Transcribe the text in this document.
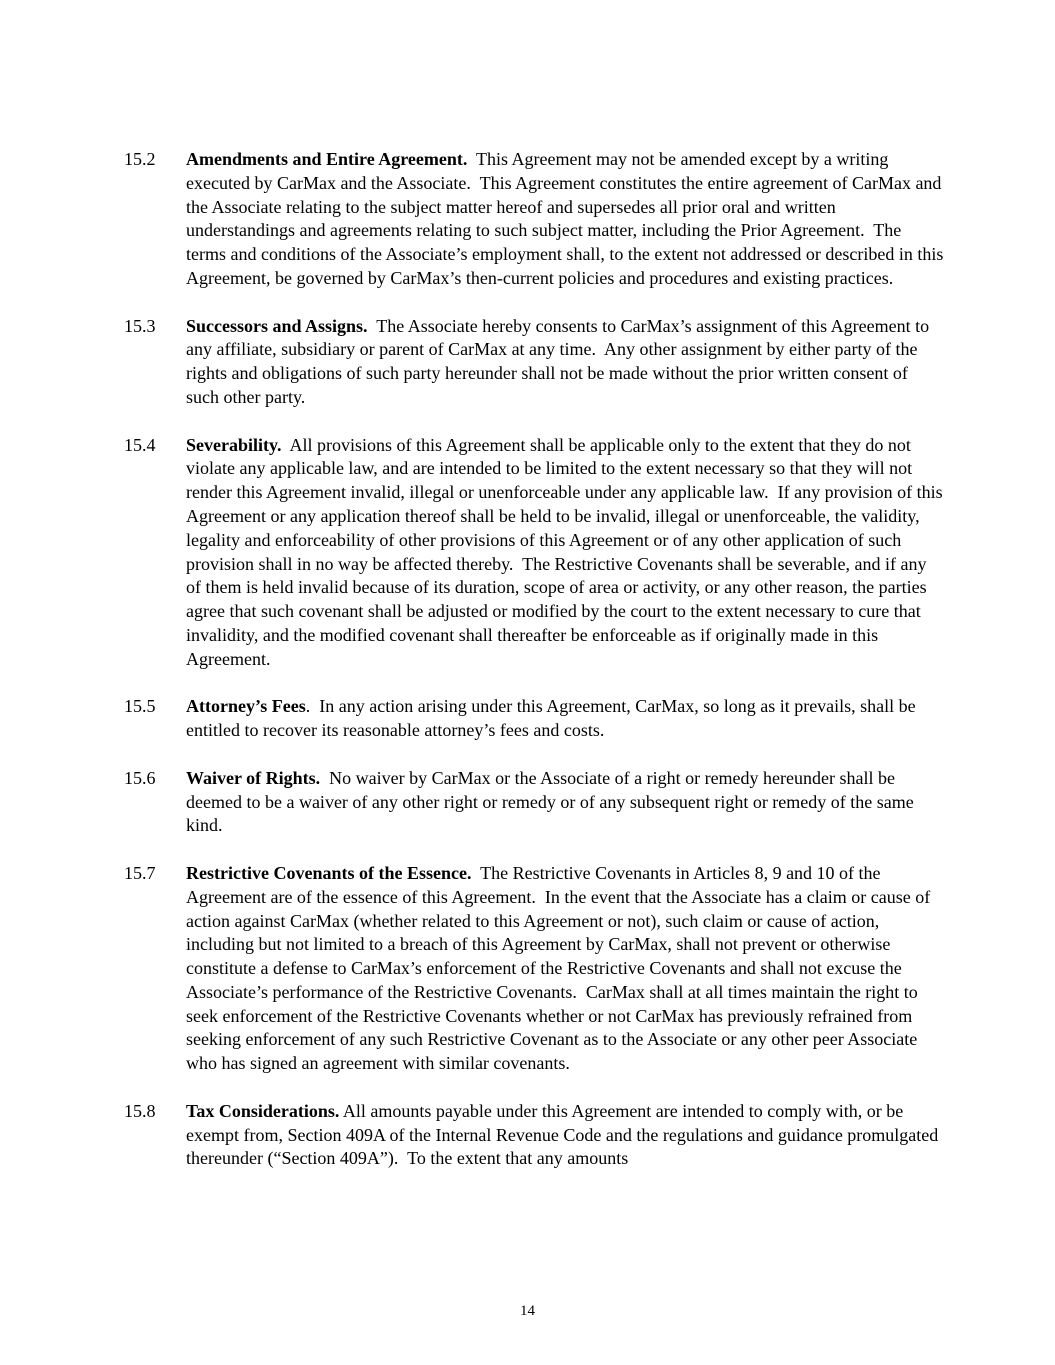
15.2	Amendments and Entire Agreement.  This Agreement may not be amended except by a writing executed by CarMax and the Associate.  This Agreement constitutes the entire agreement of CarMax and the Associate relating to the subject matter hereof and supersedes all prior oral and written understandings and agreements relating to such subject matter, including the Prior Agreement.  The terms and conditions of the Associate’s employment shall, to the extent not addressed or described in this Agreement, be governed by CarMax’s then-current policies and procedures and existing practices.
15.3	Successors and Assigns.  The Associate hereby consents to CarMax’s assignment of this Agreement to any affiliate, subsidiary or parent of CarMax at any time.  Any other assignment by either party of the rights and obligations of such party hereunder shall not be made without the prior written consent of such other party.
15.4	Severability.  All provisions of this Agreement shall be applicable only to the extent that they do not violate any applicable law, and are intended to be limited to the extent necessary so that they will not render this Agreement invalid, illegal or unenforceable under any applicable law.  If any provision of this Agreement or any application thereof shall be held to be invalid, illegal or unenforceable, the validity, legality and enforceability of other provisions of this Agreement or of any other application of such provision shall in no way be affected thereby.  The Restrictive Covenants shall be severable, and if any of them is held invalid because of its duration, scope of area or activity, or any other reason, the parties agree that such covenant shall be adjusted or modified by the court to the extent necessary to cure that invalidity, and the modified covenant shall thereafter be enforceable as if originally made in this Agreement.
15.5	Attorney’s Fees.  In any action arising under this Agreement, CarMax, so long as it prevails, shall be entitled to recover its reasonable attorney’s fees and costs.
15.6	Waiver of Rights.  No waiver by CarMax or the Associate of a right or remedy hereunder shall be deemed to be a waiver of any other right or remedy or of any subsequent right or remedy of the same kind.
15.7	Restrictive Covenants of the Essence.  The Restrictive Covenants in Articles 8, 9 and 10 of the Agreement are of the essence of this Agreement.  In the event that the Associate has a claim or cause of action against CarMax (whether related to this Agreement or not), such claim or cause of action, including but not limited to a breach of this Agreement by CarMax, shall not prevent or otherwise constitute a defense to CarMax’s enforcement of the Restrictive Covenants and shall not excuse the Associate’s performance of the Restrictive Covenants.  CarMax shall at all times maintain the right to seek enforcement of the Restrictive Covenants whether or not CarMax has previously refrained from seeking enforcement of any such Restrictive Covenant as to the Associate or any other peer Associate who has signed an agreement with similar covenants.
15.8	Tax Considerations. All amounts payable under this Agreement are intended to comply with, or be exempt from, Section 409A of the Internal Revenue Code and the regulations and guidance promulgated thereunder (“Section 409A”).  To the extent that any amounts
14
